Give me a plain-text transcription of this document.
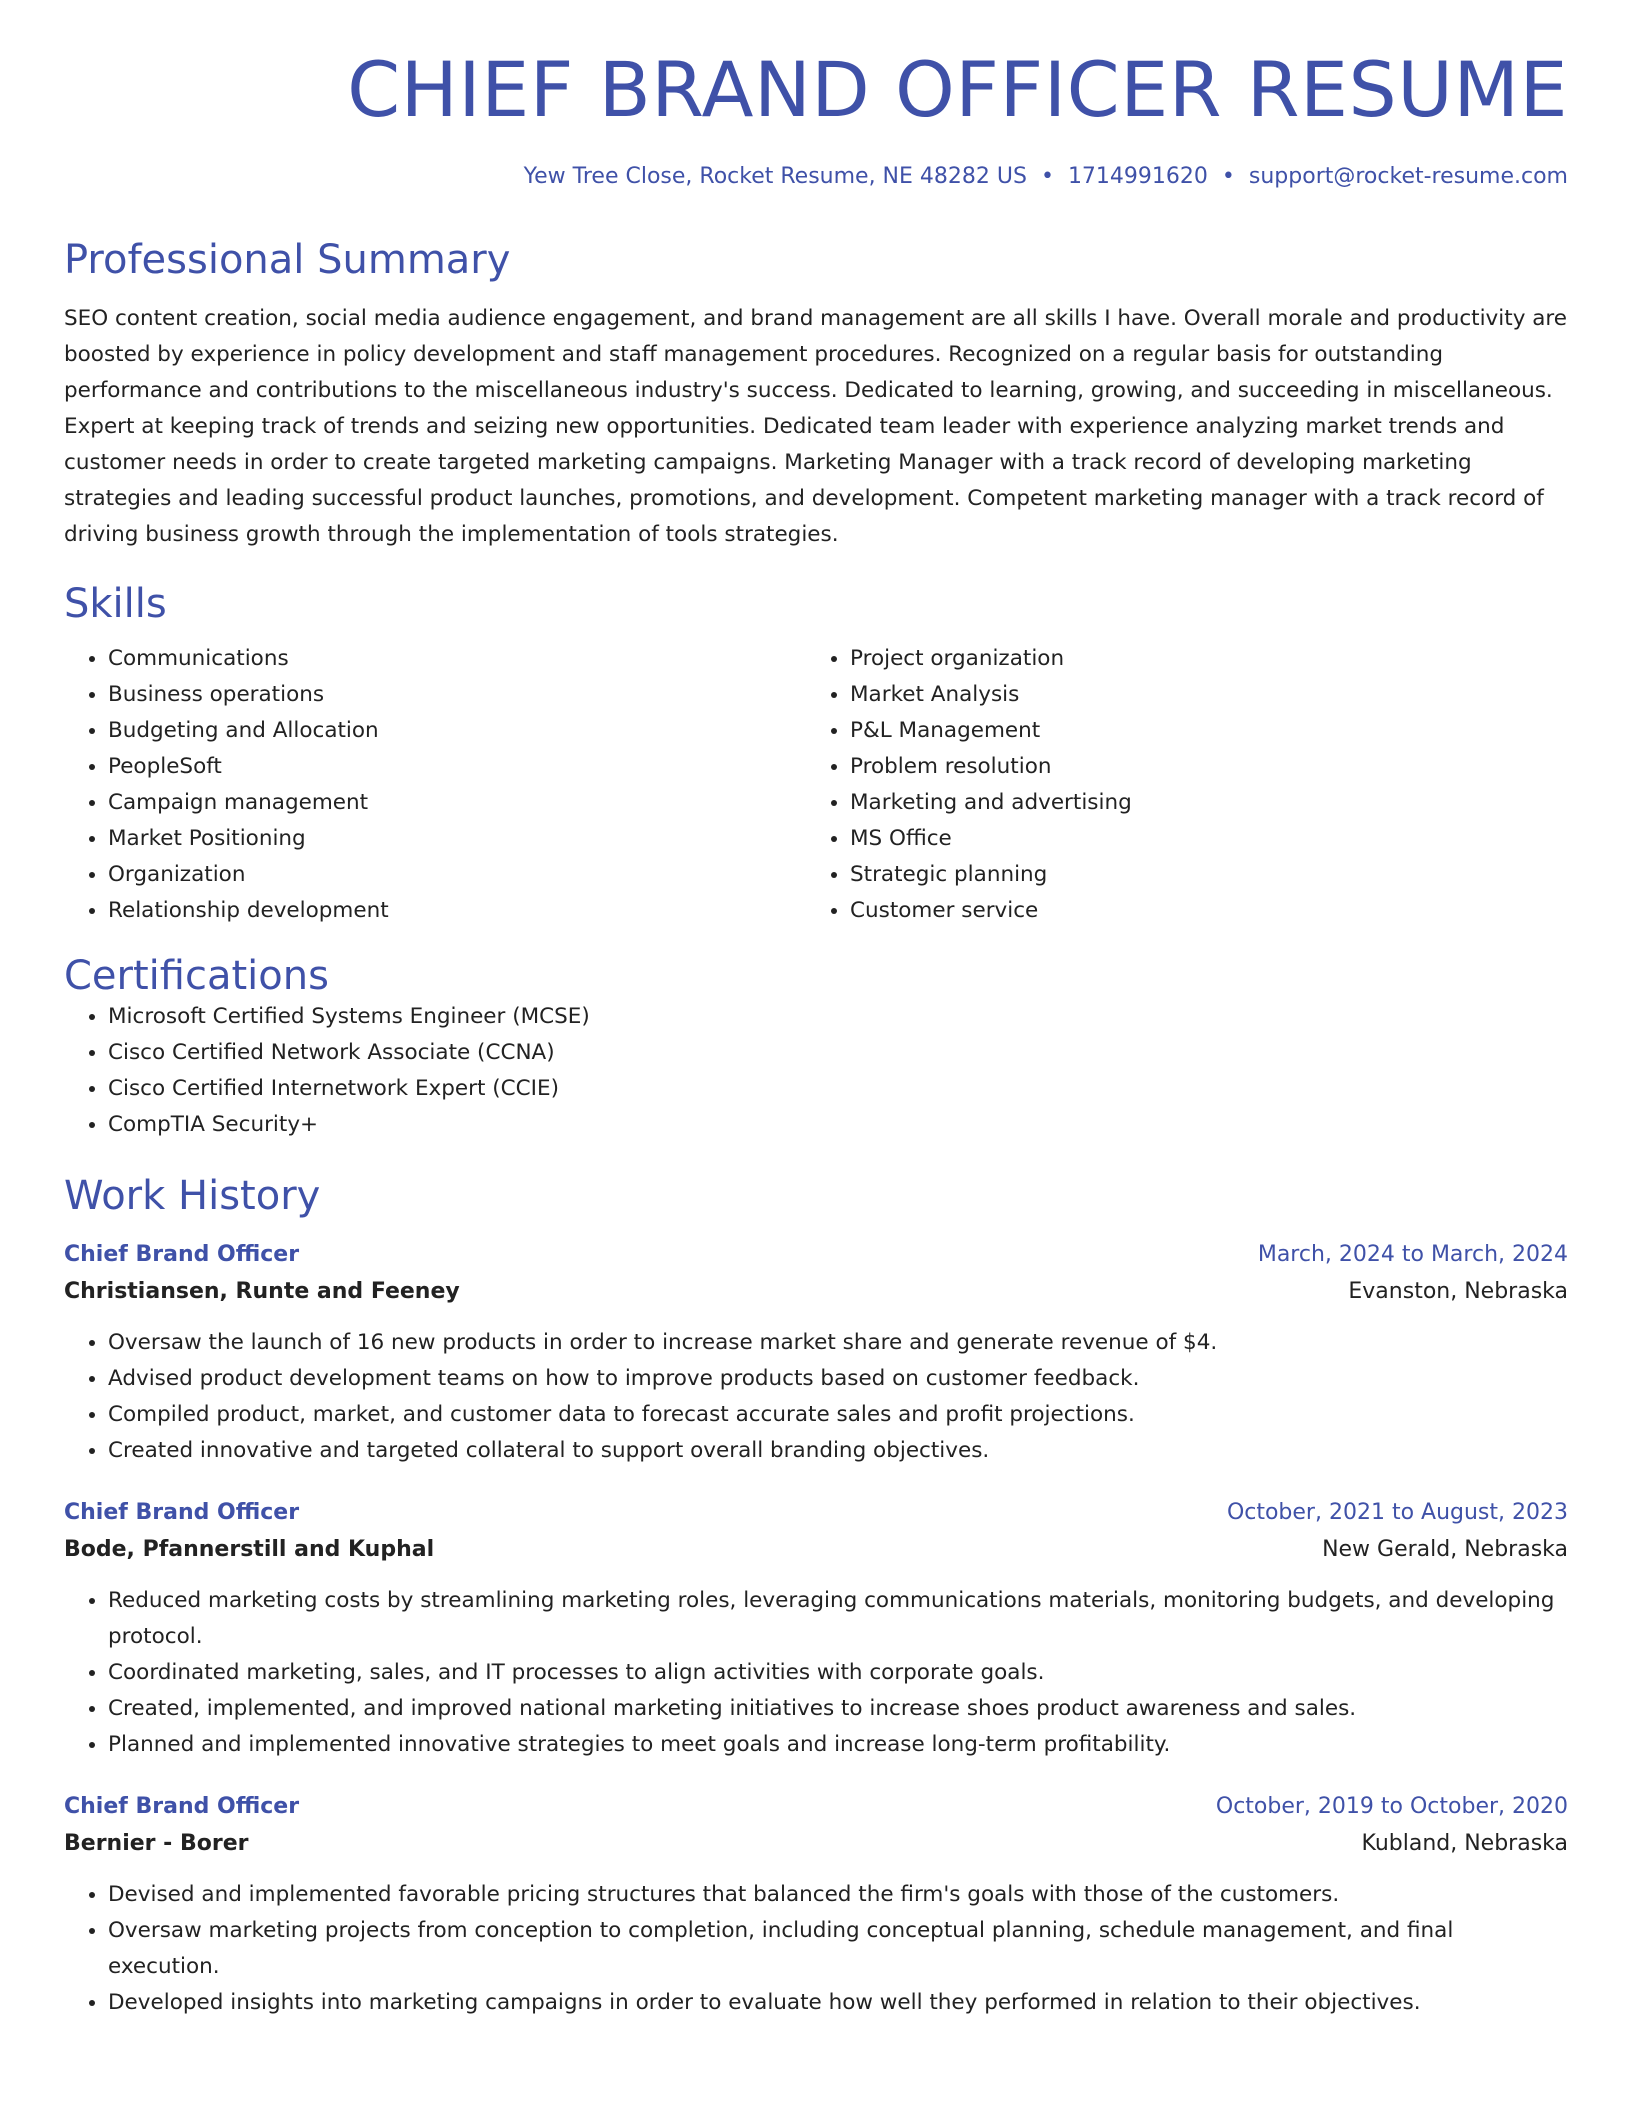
CHIEF BRAND OFFICER RESUME
Yew Tree Close, Rocket Resume, NE 48282 US • 1714991620 • support@rocket-resume.com
Professional Summary
SEO content creation, social media audience engagement, and brand management are all skills I have. Overall morale and productivity are boosted by experience in policy development and staff management procedures. Recognized on a regular basis for outstanding performance and contributions to the miscellaneous industry's success. Dedicated to learning, growing, and succeeding in miscellaneous. Expert at keeping track of trends and seizing new opportunities. Dedicated team leader with experience analyzing market trends and customer needs in order to create targeted marketing campaigns. Marketing Manager with a track record of developing marketing strategies and leading successful product launches, promotions, and development. Competent marketing manager with a track record of driving business growth through the implementation of tools strategies.
Skills
• Communications
• Business operations
• Budgeting and Allocation
• PeopleSoft
• Campaign management
• Market Positioning
• Organization
• Relationship development
• Project organization
• Market Analysis
• P&L Management
• Problem resolution
• Marketing and advertising
• MS Office
• Strategic planning
• Customer service
Certifications
• Microsoft Certified Systems Engineer (MCSE)
• Cisco Certified Network Associate (CCNA)
• Cisco Certified Internetwork Expert (CCIE)
• CompTIA Security+
Work History
Chief Brand Officer	March, 2024 to March, 2024
Christiansen, Runte and Feeney	Evanston, Nebraska
• Oversaw the launch of 16 new products in order to increase market share and generate revenue of $4.
• Advised product development teams on how to improve products based on customer feedback.
• Compiled product, market, and customer data to forecast accurate sales and profit projections.
• Created innovative and targeted collateral to support overall branding objectives.
Chief Brand Officer	October, 2021 to August, 2023
Bode, Pfannerstill and Kuphal	New Gerald, Nebraska
• Reduced marketing costs by streamlining marketing roles, leveraging communications materials, monitoring budgets, and developing protocol.
• Coordinated marketing, sales, and IT processes to align activities with corporate goals.
• Created, implemented, and improved national marketing initiatives to increase shoes product awareness and sales.
• Planned and implemented innovative strategies to meet goals and increase long-term profitability.
Chief Brand Officer	October, 2019 to October, 2020
Bernier - Borer	Kubland, Nebraska
• Devised and implemented favorable pricing structures that balanced the firm's goals with those of the customers.
• Oversaw marketing projects from conception to completion, including conceptual planning, schedule management, and final execution.
• Developed insights into marketing campaigns in order to evaluate how well they performed in relation to their objectives.
